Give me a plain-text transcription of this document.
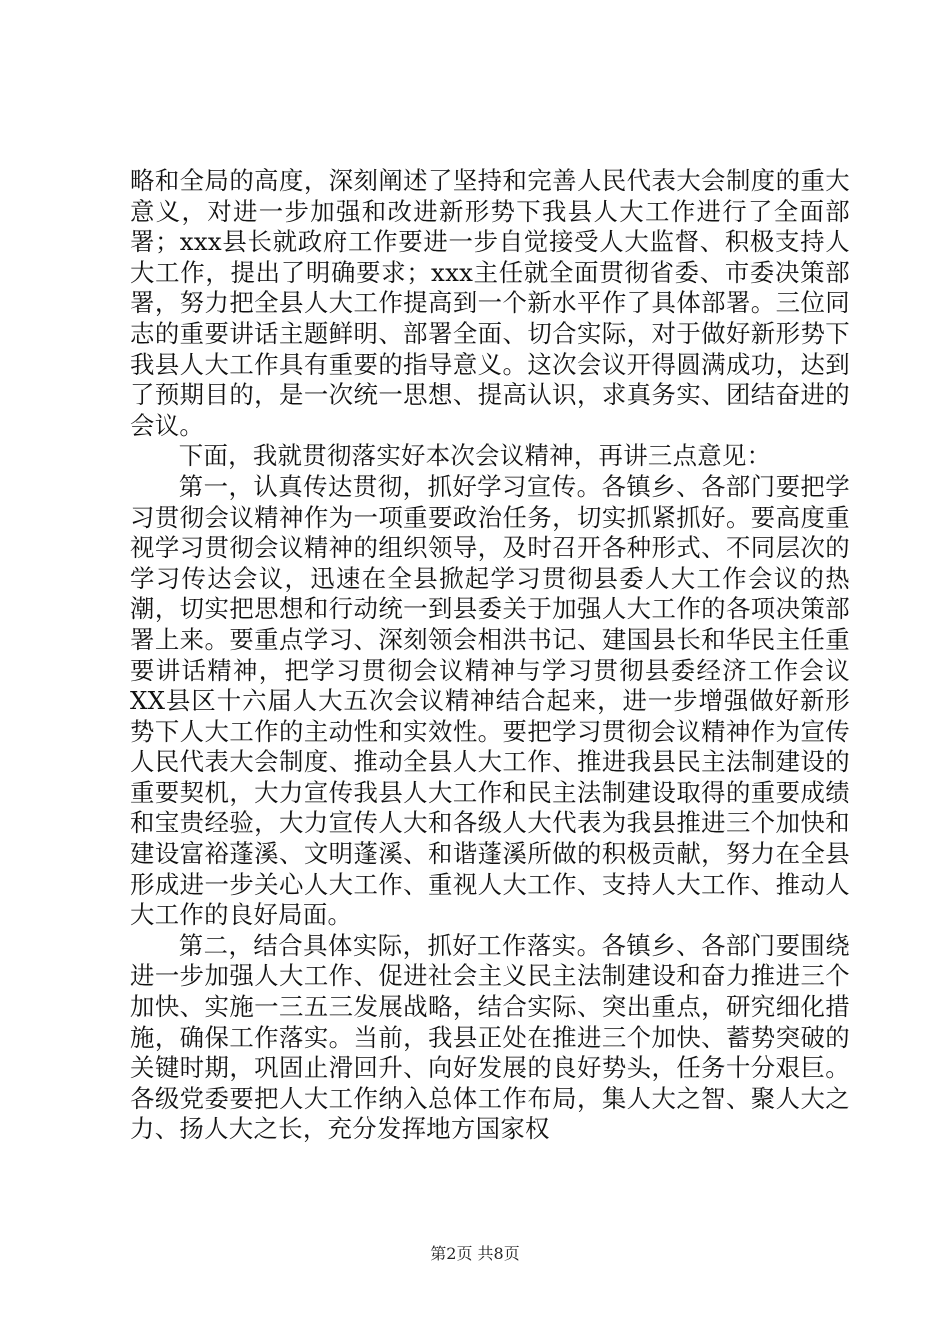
略和全局的高度，深刻阐述了坚持和完善人民代表大会制度的重大意义，对进一步加强和改进新形势下我县人大工作进行了全面部署；xxx县长就政府工作要进一步自觉接受人大监督、积极支持人大工作，提出了明确要求；xxx主任就全面贯彻省委、市委决策部署，努力把全县人大工作提高到一个新水平作了具体部署。三位同志的重要讲话主题鲜明、部署全面、切合实际，对于做好新形势下我县人大工作具有重要的指导意义。这次会议开得圆满成功，达到了预期目的，是一次统一思想、提高认识，求真务实、团结奋进的会议。

下面，我就贯彻落实好本次会议精神，再讲三点意见：

第一，认真传达贯彻，抓好学习宣传。各镇乡、各部门要把学习贯彻会议精神作为一项重要政治任务，切实抓紧抓好。要高度重视学习贯彻会议精神的组织领导，及时召开各种形式、不同层次的学习传达会议，迅速在全县掀起学习贯彻县委人大工作会议的热潮，切实把思想和行动统一到县委关于加强人大工作的各项决策部署上来。要重点学习、深刻领会相洪书记、建国县长和华民主任重要讲话精神，把学习贯彻会议精神与学习贯彻县委经济工作会议XX县区十六届人大五次会议精神结合起来，进一步增强做好新形势下人大工作的主动性和实效性。要把学习贯彻会议精神作为宣传人民代表大会制度、推动全县人大工作、推进我县民主法制建设的重要契机，大力宣传我县人大工作和民主法制建设取得的重要成绩和宝贵经验，大力宣传人大和各级人大代表为我县推进三个加快和建设富裕蓬溪、文明蓬溪、和谐蓬溪所做的积极贡献，努力在全县形成进一步关心人大工作、重视人大工作、支持人大工作、推动人大工作的良好局面。

第二，结合具体实际，抓好工作落实。各镇乡、各部门要围绕进一步加强人大工作、促进社会主义民主法制建设和奋力推进三个加快、实施一三五三发展战略，结合实际、突出重点，研究细化措施，确保工作落实。当前，我县正处在推进三个加快、蓄势突破的关键时期，巩固止滑回升、向好发展的良好势头，任务十分艰巨。各级党委要把人大工作纳入总体工作布局，集人大之智、聚人大之力、扬人大之长，充分发挥地方国家权

第2页 共8页
